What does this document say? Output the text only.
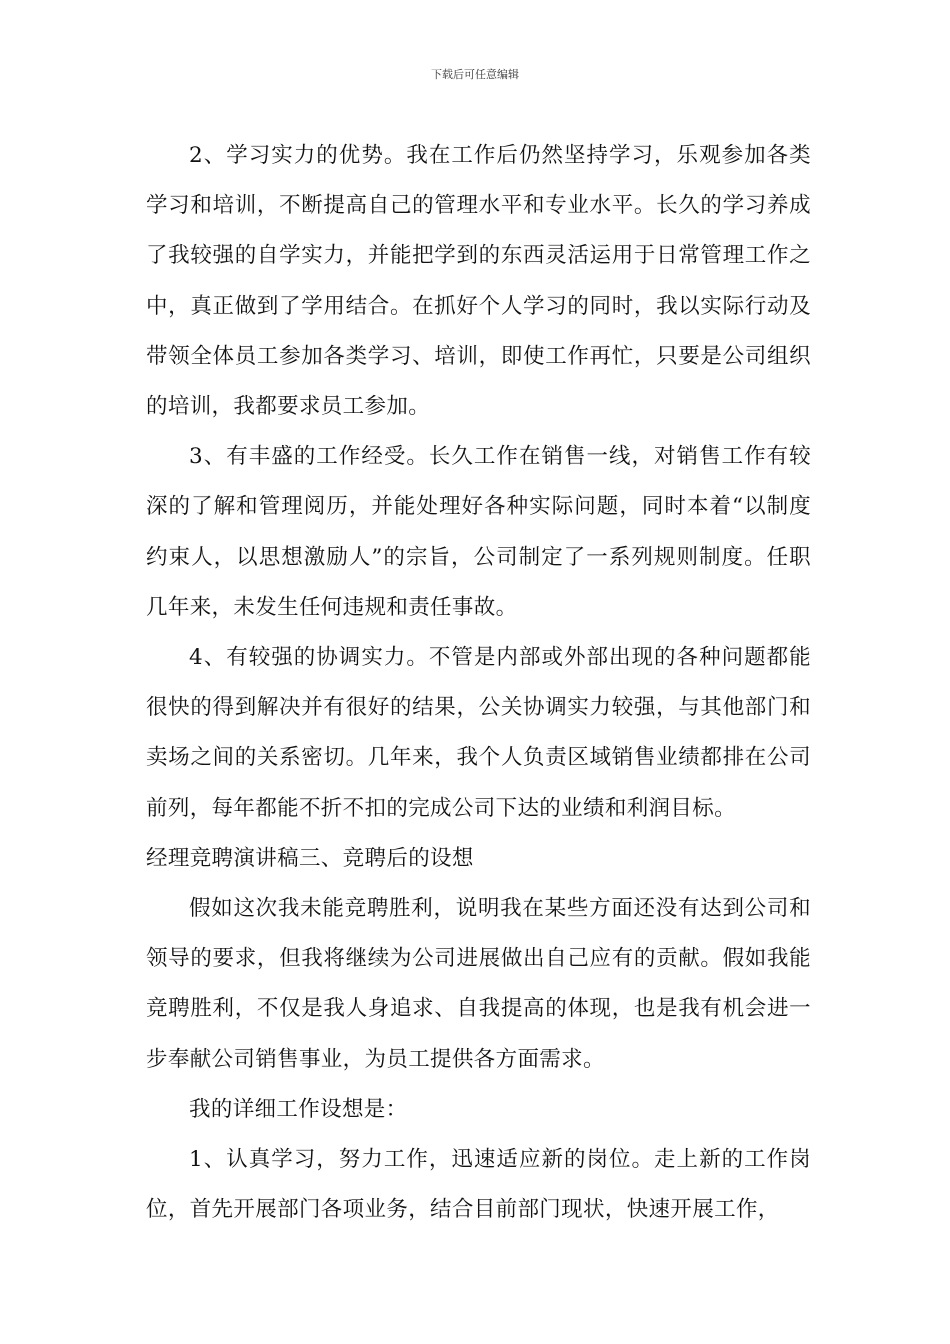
下载后可任意编辑

2、学习实力的优势。我在工作后仍然坚持学习，乐观参加各类学习和培训，不断提高自己的管理水平和专业水平。长久的学习养成了我较强的自学实力，并能把学到的东西灵活运用于日常管理工作之中，真正做到了学用结合。在抓好个人学习的同时，我以实际行动及带领全体员工参加各类学习、培训，即使工作再忙，只要是公司组织的培训，我都要求员工参加。

3、有丰盛的工作经受。长久工作在销售一线，对销售工作有较深的了解和管理阅历，并能处理好各种实际问题，同时本着“以制度约束人，以思想激励人”的宗旨，公司制定了一系列规则制度。任职几年来，未发生任何违规和责任事故。

4、有较强的协调实力。不管是内部或外部出现的各种问题都能很快的得到解决并有很好的结果，公关协调实力较强，与其他部门和卖场之间的关系密切。几年来，我个人负责区域销售业绩都排在公司前列，每年都能不折不扣的完成公司下达的业绩和利润目标。

经理竞聘演讲稿三、竞聘后的设想

假如这次我未能竞聘胜利，说明我在某些方面还没有达到公司和领导的要求，但我将继续为公司进展做出自己应有的贡献。假如我能竞聘胜利，不仅是我人身追求、自我提高的体现，也是我有机会进一步奉献公司销售事业，为员工提供各方面需求。

我的详细工作设想是：

1、认真学习，努力工作，迅速适应新的岗位。走上新的工作岗位，首先开展部门各项业务，结合目前部门现状，快速开展工作，
